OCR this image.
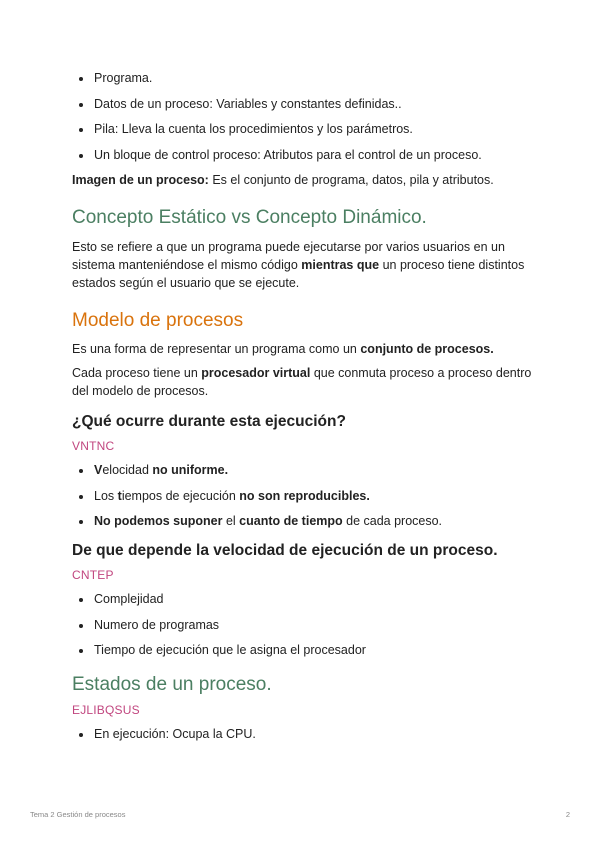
Programa.
Datos de un proceso: Variables y constantes definidas..
Pila: Lleva la cuenta los procedimientos y los parámetros.
Un bloque de control proceso: Atributos para el control de un proceso.

Imagen de un proceso: Es el conjunto de programa, datos, pila y atributos.

Concepto Estático vs Concepto Dinámico.

Esto se refiere a que un programa puede ejecutarse por varios usuarios en un sistema manteniéndose el mismo código mientras que un proceso tiene distintos estados según el usuario que se ejecute.

Modelo de procesos

Es una forma de representar un programa como un conjunto de procesos.

Cada proceso tiene un procesador virtual que conmuta proceso a proceso dentro del modelo de procesos.

¿Qué ocurre durante esta ejecución?
VNTNC
Velocidad no uniforme.
Los tiempos de ejecución no son reproducibles.
No podemos suponer el cuanto de tiempo de cada proceso.
De que depende la velocidad de ejecución de un proceso.
CNTEP
Complejidad
Numero de programas
Tiempo de ejecución que le asigna el procesador
Estados de un proceso.
EJLIBQSUS
En ejecución: Ocupa la CPU.
Tema 2 Gestión de procesos	2
